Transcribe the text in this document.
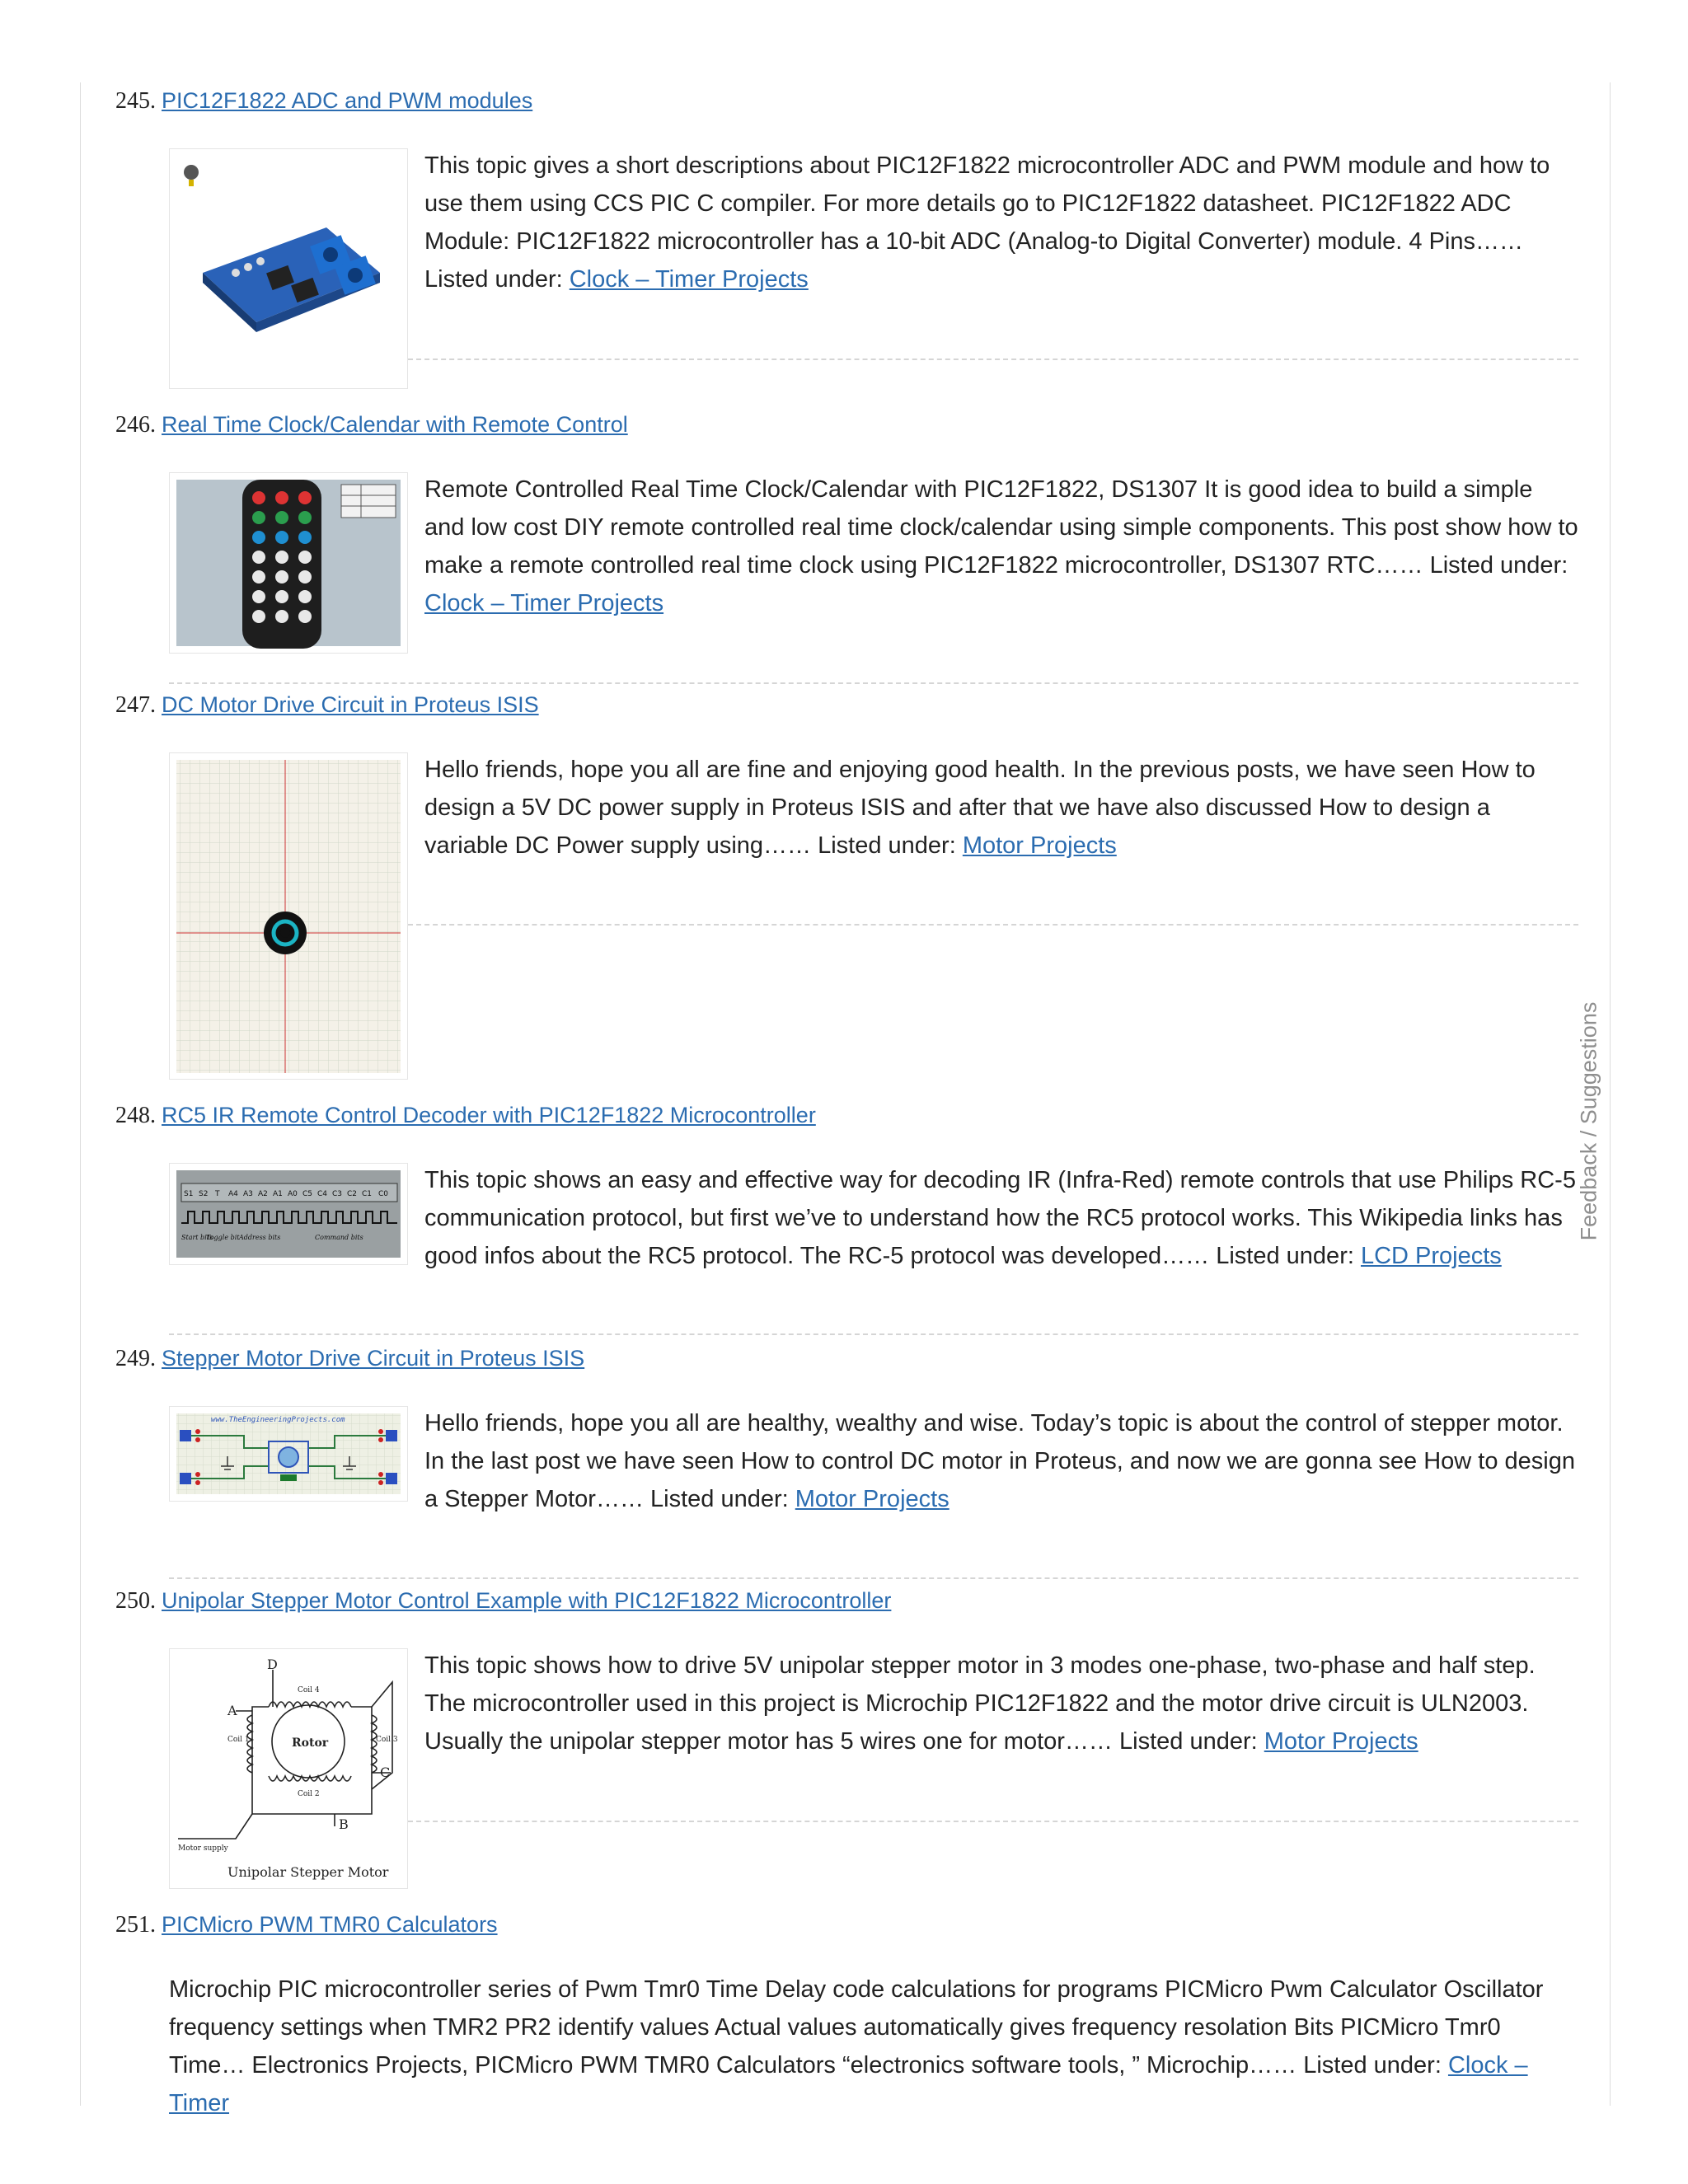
245. PIC12F1822 ADC and PWM modules
This topic gives a short descriptions about PIC12F1822 microcontroller ADC and PWM module and how to use them using CCS PIC C compiler. For more details go to PIC12F1822 datasheet. PIC12F1822 ADC Module: PIC12F1822 microcontroller has a 10-bit ADC (Analog-to Digital Converter) module. 4 Pins…… Listed under: Clock – Timer Projects
246. Real Time Clock/Calendar with Remote Control
Remote Controlled Real Time Clock/Calendar with PIC12F1822, DS1307 It is good idea to build a simple and low cost DIY remote controlled real time clock/calendar using simple components. This post show how to make a remote controlled real time clock using PIC12F1822 microcontroller, DS1307 RTC…… Listed under: Clock – Timer Projects
247. DC Motor Drive Circuit in Proteus ISIS
Hello friends, hope you all are fine and enjoying good health. In the previous posts, we have seen How to design a 5V DC power supply in Proteus ISIS and after that we have also discussed How to design a variable DC Power supply using…… Listed under: Motor Projects
248. RC5 IR Remote Control Decoder with PIC12F1822 Microcontroller
S1 S2 T A4 A3 A2 A1 A0 C5 C4 C3 C2 C1 C0
Start bits
Toggle bit Address bits	Command bits
This topic shows an easy and effective way for decoding IR (Infra-Red) remote controls that use Philips RC-5 communication protocol, but first we’ve to understand how the RC5 protocol works. This Wikipedia links has good infos about the RC5 protocol. The RC-5 protocol was developed…… Listed under: LCD Projects
249. Stepper Motor Drive Circuit in Proteus ISIS
www.TheEngineeringProjects.com	Hello friends, hope you all are healthy, wealthy and wise. Today’s topic is about the control of stepper motor. In the last post we have seen How to control DC motor in Proteus, and now we are gonna see How to design a Stepper Motor…… Listed under: Motor Projects
250. Unipolar Stepper Motor Control Example with PIC12F1822 Microcontroller
Rotor
Coil 1
Coil 2
Coil 3
Coil 4
A
B
C
D
Motor supply
Unipolar Stepper Motor
This topic shows how to drive 5V unipolar stepper motor in 3 modes one-phase, two-phase and half step. The microcontroller used in this project is Microchip PIC12F1822 and the motor drive circuit is ULN2003. Usually the unipolar stepper motor has 5 wires one for motor…… Listed under: Motor Projects
251. PICMicro PWM TMR0 Calculators
Microchip PIC microcontroller series of Pwm Tmr0 Time Delay code calculations for programs PICMicro Pwm Calculator Oscillator frequency settings when TMR2 PR2 identify values Actual values automatically gives frequency resolation Bits PICMicro Tmr0 Time… Electronics Projects, PICMicro PWM TMR0 Calculators “electronics software tools, ” Microchip…… Listed under: Clock – Timer
Feedback / Suggestions
